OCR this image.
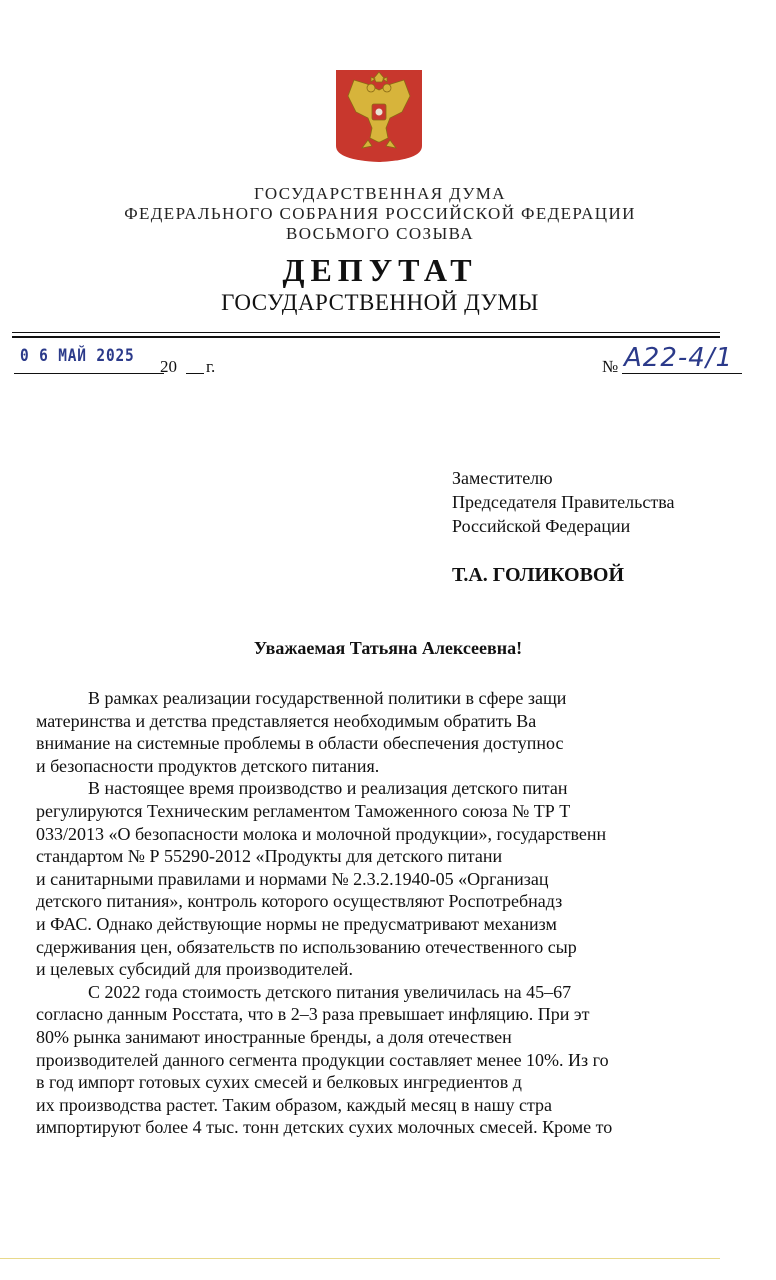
ГОСУДАРСТВЕННАЯ ДУМА
ФЕДЕРАЛЬНОГО СОБРАНИЯ РОССИЙСКОЙ ФЕДЕРАЦИИ
ВОСЬМОГО СОЗЫВА
ДЕПУТАТ
ГОСУДАРСТВЕННОЙ ДУМЫ
0 6 МАЙ 2025
20 г.	№ А22-4/1
Заместителю
Председателя Правительства
Российской Федерации
Т.А. ГОЛИКОВОЙ
Уважаемая Татьяна Алексеевна!

В рамках реализации государственной политики в сфере защи
материнства и детства представляется необходимым обратить Ва
внимание на системные проблемы в области обеспечения доступнос
и безопасности продуктов детского питания.

В настоящее время производство и реализация детского питан
регулируются Техническим регламентом Таможенного союза № ТР Т
033/2013 «О безопасности молока и молочной продукции», государственн
стандартом № Р 55290-2012 «Продукты для детского питани
и санитарными правилами и нормами № 2.3.2.1940-05 «Организац
детского питания», контроль которого осуществляют Роспотребнадз
и ФАС. Однако действующие нормы не предусматривают механизм
сдерживания цен, обязательств по использованию отечественного сыр
и целевых субсидий для производителей.

С 2022 года стоимость детского питания увеличилась на 45–67
согласно данным Росстата, что в 2–3 раза превышает инфляцию. При эт
80% рынка занимают иностранные бренды, а доля отечествен
производителей данного сегмента продукции составляет менее 10%. Из го
в год импорт готовых сухих смесей и белковых ингредиентов д
их производства растет. Таким образом, каждый месяц в нашу стра
импортируют более 4 тыс. тонн детских сухих молочных смесей. Кроме то
